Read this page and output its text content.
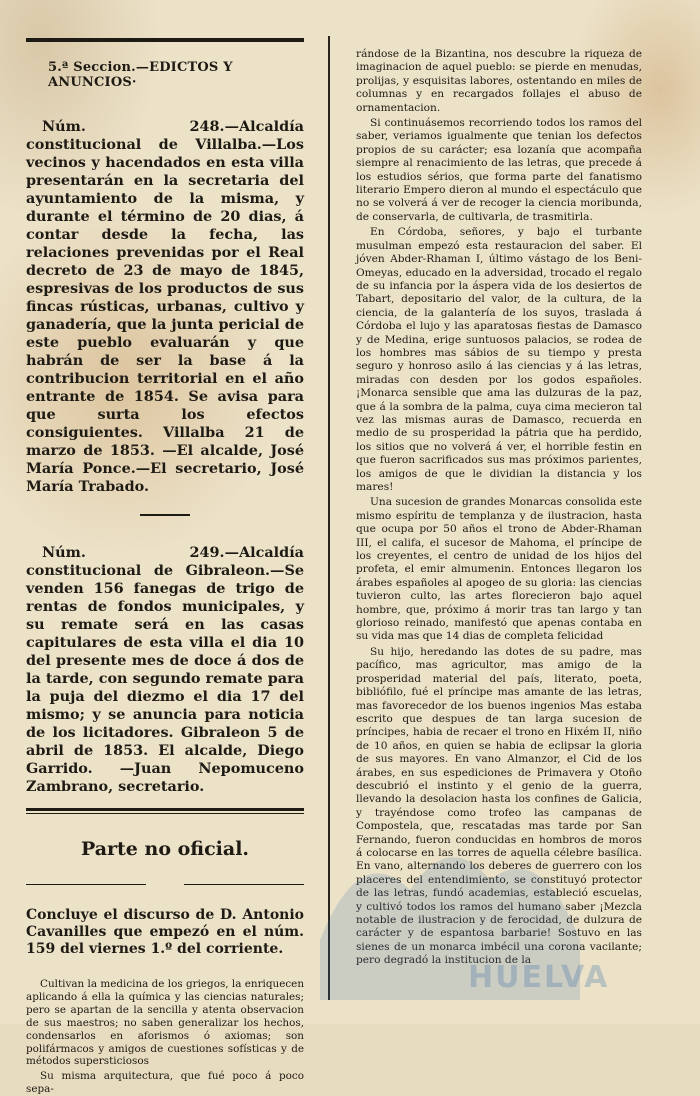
5.ª Seccion.—EDICTOS Y ANUNCIOS·

Núm. 248.—Alcaldía constitucional de Villalba.—Los vecinos y hacendados en esta villa presentarán en la secretaria del ayuntamiento de la misma, y durante el término de 20 dias, á contar desde la fecha, las relaciones prevenidas por el Real decreto de 23 de mayo de 1845, espresivas de los productos de sus fincas rústicas, urbanas, cultivo y ganadería, que la junta pericial de este pueblo evaluarán y que habrán de ser la base á la contribucion territorial en el año entrante de 1854. Se avisa para que surta los efectos consiguientes. Villalba 21 de marzo de 1853. —El alcalde, José María Ponce.—El secretario, José María Trabado.

Núm. 249.—Alcaldía constitucional de Gibraleon.—Se venden 156 fanegas de trigo de rentas de fondos municipales, y su remate será en las casas capitulares de esta villa el dia 10 del presente mes de doce á dos de la tarde, con segundo remate para la puja del diezmo el dia 17 del mismo; y se anuncia para noticia de los licitadores. Gibraleon 5 de abril de 1853. El alcalde, Diego Garrido. —Juan Nepomuceno Zambrano, secretario.

Parte no oficial.

Concluye el discurso de D. Antonio Cavanilles que empezó en el núm. 159 del viernes 1.º del corriente.

Cultivan la medicina de los griegos, la enriquecen aplicando á ella la química y las ciencias naturales; pero se apartan de la sencilla y atenta observacion de sus maestros; no saben generalizar los hechos, condensarlos en aforismos ó axiomas; son polifármacos y amigos de cuestiones sofísticas y de métodos supersticiosos

Su misma arquitectura, que fué poco á poco sepa-

rándose de la Bizantina, nos descubre la riqueza de imaginacion de aquel pueblo: se pierde en menudas, prolijas, y esquisitas labores, ostentando en miles de columnas y en recargados follajes el abuso de ornamentacion.

Si continuásemos recorriendo todos los ramos del saber, veriamos igualmente que tenian los defectos propios de su carácter; esa lozanía que acompaña siempre al renacimiento de las letras, que precede á los estudios sérios, que forma parte del fanatismo literario Empero dieron al mundo el espectáculo que no se volverá á ver de recoger la ciencia moribunda, de conservarla, de cultivarla, de trasmitirla.

En Córdoba, señores, y bajo el turbante musulman empezó esta restauracion del saber. El jóven Abder-Rhaman I, último vástago de los Beni-Omeyas, educado en la adversidad, trocado el regalo de su infancia por la áspera vida de los desiertos de Tabart, depositario del valor, de la cultura, de la ciencia, de la galantería de los suyos, traslada á Córdoba el lujo y las aparatosas fiestas de Damasco y de Medina, erige suntuosos palacios, se rodea de los hombres mas sábios de su tiempo y presta seguro y honroso asilo á las ciencias y á las letras, miradas con desden por los godos españoles. ¡Monarca sensible que ama las dulzuras de la paz, que á la sombra de la palma, cuya cima mecieron tal vez las mismas auras de Damasco, recuerda en medio de su prosperidad la pátria que ha perdido, los sitios que no volverá á ver, el horrible festin en que fueron sacrificados sus mas próximos parientes, los amigos de que le dividian la distancia y los mares!

Una sucesion de grandes Monarcas consolida este mismo espíritu de templanza y de ilustracion, hasta que ocupa por 50 años el trono de Abder-Rhaman III, el califa, el sucesor de Mahoma, el príncipe de los creyentes, el centro de unidad de los hijos del profeta, el emir almumenin. Entonces llegaron los árabes españoles al apogeo de su gloria: las ciencias tuvieron culto, las artes florecieron bajo aquel hombre, que, próximo á morir tras tan largo y tan glorioso reinado, manifestó que apenas contaba en su vida mas que 14 dias de completa felicidad

Su hijo, heredando las dotes de su padre, mas pacífico, mas agricultor, mas amigo de la prosperidad material del país, literato, poeta, bibliófilo, fué el príncipe mas amante de las letras, mas favorecedor de los buenos ingenios Mas estaba escrito que despues de tan larga sucesion de príncipes, habia de recaer el trono en Hixém II, niño de 10 años, en quien se habia de eclipsar la gloria de sus mayores. En vano Almanzor, el Cid de los árabes, en sus espediciones de Primavera y Otoño descubrió el instinto y el genio de la guerra, llevando la desolacion hasta los confines de Galicia, y trayéndose como trofeo las campanas de Compostela, que, rescatadas mas tarde por San Fernando, fueron conducidas en hombros de moros á colocarse en las torres de aquella célebre basílica. En vano, alternando los deberes de guerrero con los placeres del entendimiento, se constituyó protector de las letras, fundó academias, estableció escuelas, y cultivó todos los ramos del humano saber ¡Mezcla notable de ilustracion y de ferocidad, de dulzura de carácter y de espantosa barbarie! Sostuvo en las sienes de un monarca imbécil una corona vacilante; pero degradó la institucion de la

HUELVA
